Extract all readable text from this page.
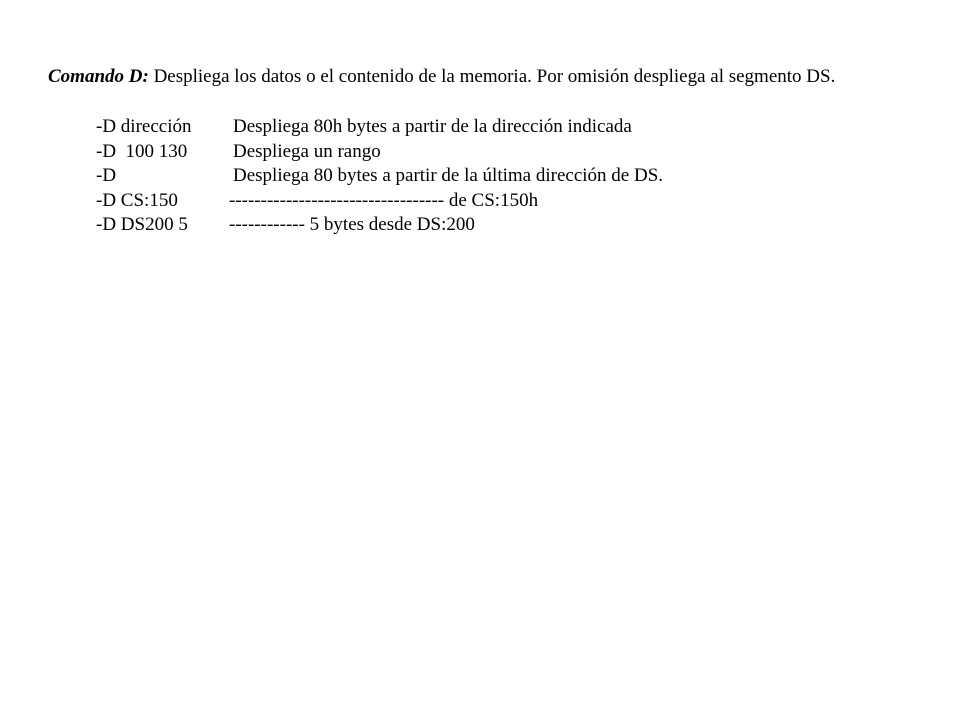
Comando D: Despliega los datos o el contenido de la memoria. Por omisión despliega al segmento DS.

-D dirección

Despliega 80h bytes a partir de la dirección indicada

-D  100 130

Despliega un rango

-D

	Despliega 80 bytes a partir de la última dirección de DS.

-D CS:150

	---------------------------------- de CS:150h

-D DS200 5

------------ 5 bytes desde DS:200
